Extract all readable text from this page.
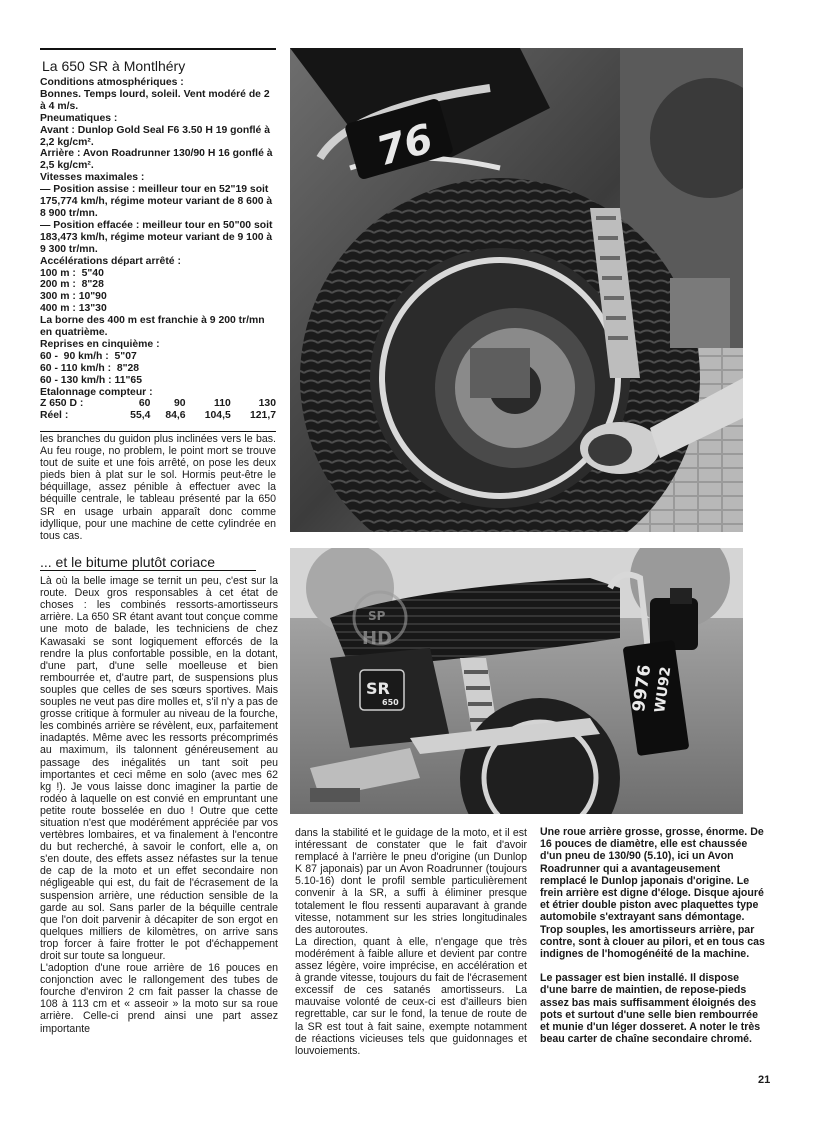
La 650 SR à Montlhéry

Conditions atmosphériques :

Bonnes. Temps lourd, soleil. Vent modéré de 2 à 4 m/s.

Pneumatiques :

Avant : Dunlop Gold Seal F6 3.50 H 19 gonflé à 2,2 kg/cm².

Arrière : Avon Roadrunner 130/90 H 16 gonflé à 2,5 kg/cm².

Vitesses maximales :

— Position assise : meilleur tour en 52"19 soit 175,774 km/h, régime moteur variant de 8 600 à 8 900 tr/mn.

— Position effacée : meilleur tour en 50"00 soit 183,473 km/h, régime moteur variant de 9 100 à 9 300 tr/mn.

Accélérations départ arrêté :

100 m :  5"40

200 m :  8"28

300 m : 10"90

400 m : 13"30

La borne des 400 m est franchie à 9 200 tr/mn en quatrième.

Reprises en cinquième :

60 -  90 km/h :  5"07

60 - 110 km/h :  8"28

60 - 130 km/h : 11"65

Etalonnage compteur :

Z 650 D :	60	90	110	130
Réel :	55,4	84,6	104,5	121,7

les branches du guidon plus inclinées vers le bas. Au feu rouge, no problem, le point mort se trouve tout de suite et une fois arrêté, on pose les deux pieds bien à plat sur le sol. Hormis peut-être le béquillage, assez pénible à effectuer avec la béquille centrale, le tableau présenté par la 650 SR en usage urbain apparaît donc comme idyllique, pour une machine de cette cylindrée en tous cas.

... et le bitume plutôt coriace

Là où la belle image se ternit un peu, c'est sur la route. Deux gros responsables à cet état de choses : les combinés ressorts-amortisseurs arrière. La 650 SR étant avant tout conçue comme une moto de balade, les techniciens de chez Kawasaki se sont logiquement efforcés de la rendre la plus confortable possible, en la dotant, d'une part, d'une selle moelleuse et bien rembourrée et, d'autre part, de suspensions plus souples que celles de ses sœurs sportives. Mais souples ne veut pas dire molles et, s'il n'y a pas de grosse critique à formuler au niveau de la fourche, les combinés arrière se révèlent, eux, parfaitement inadaptés. Même avec les ressorts précomprimés au maximum, ils talonnent généreusement au passage des inégalités un tant soit peu importantes et ceci même en solo (avec mes 62 kg !). Je vous laisse donc imaginer la partie de rodéo à laquelle on est convié en empruntant une petite route bosselée en duo ! Outre que cette situation n'est que modérément appréciée par vos vertèbres lombaires, et va finalement à l'encontre du but recherché, à savoir le confort, elle a, on s'en doute, des effets assez néfastes sur la tenue de cap de la moto et un effet secondaire non négligeable qui est, du fait de l'écrasement de la suspension arrière, une réduction sensible de la garde au sol. Sans parler de la béquille centrale que l'on doit parvenir à décapiter de son ergot en quelques milliers de kilomètres, on arrive sans trop forcer à faire frotter le pot d'échappement droit sur toute sa longueur.

L'adoption d'une roue arrière de 16 pouces en conjonction avec le rallongement des tubes de fourche d'environ 2 cm fait passer la chasse de 108 à 113 cm et « asseoir » la moto sur sa roue arrière. Celle-ci prend ainsi une part assez importante

dans la stabilité et le guidage de la moto, et il est intéressant de constater que le fait d'avoir remplacé à l'arrière le pneu d'origine (un Dunlop K 87 japonais) par un Avon Roadrunner (toujours 5.10-16) dont le profil semble particulièrement convenir à la SR, a suffi à éliminer presque totalement le flou ressenti auparavant à grande vitesse, notamment sur les stries longitudinales des autoroutes.

La direction, quant à elle, n'engage que très modérément à faible allure et devient par contre assez légère, voire imprécise, en accélération et à grande vitesse, toujours du fait de l'écrasement excessif de ces satanés amortisseurs. La mauvaise volonté de ceux-ci est d'ailleurs bien regrettable, car sur le fond, la tenue de route de la SR est tout à fait saine, exempte notamment de réactions vicieuses tels que guidonnages et louvoiements.

Une roue arrière grosse, grosse, énorme. De 16 pouces de diamètre, elle est chaussée d'un pneu de 130/90 (5.10), ici un Avon Roadrunner qui a avantageusement remplacé le Dunlop japonais d'origine. Le frein arrière est digne d'éloge. Disque ajouré et étrier double piston avec plaquettes type automobile s'extrayant sans démontage. Trop souples, les amortisseurs arrière, par contre, sont à clouer au pilori, et en tous cas indignes de l'homogénéité de la machine.

Le passager est bien installé. Il dispose d'une barre de maintien, de repose-pieds assez bas mais suffisamment éloignés des pots et surtout d'une selle bien rembourrée et munie d'un léger dosseret. A noter le très beau carter de chaîne secondaire chromé.

76
SR
650	9976
WU92
SP
HD
21
